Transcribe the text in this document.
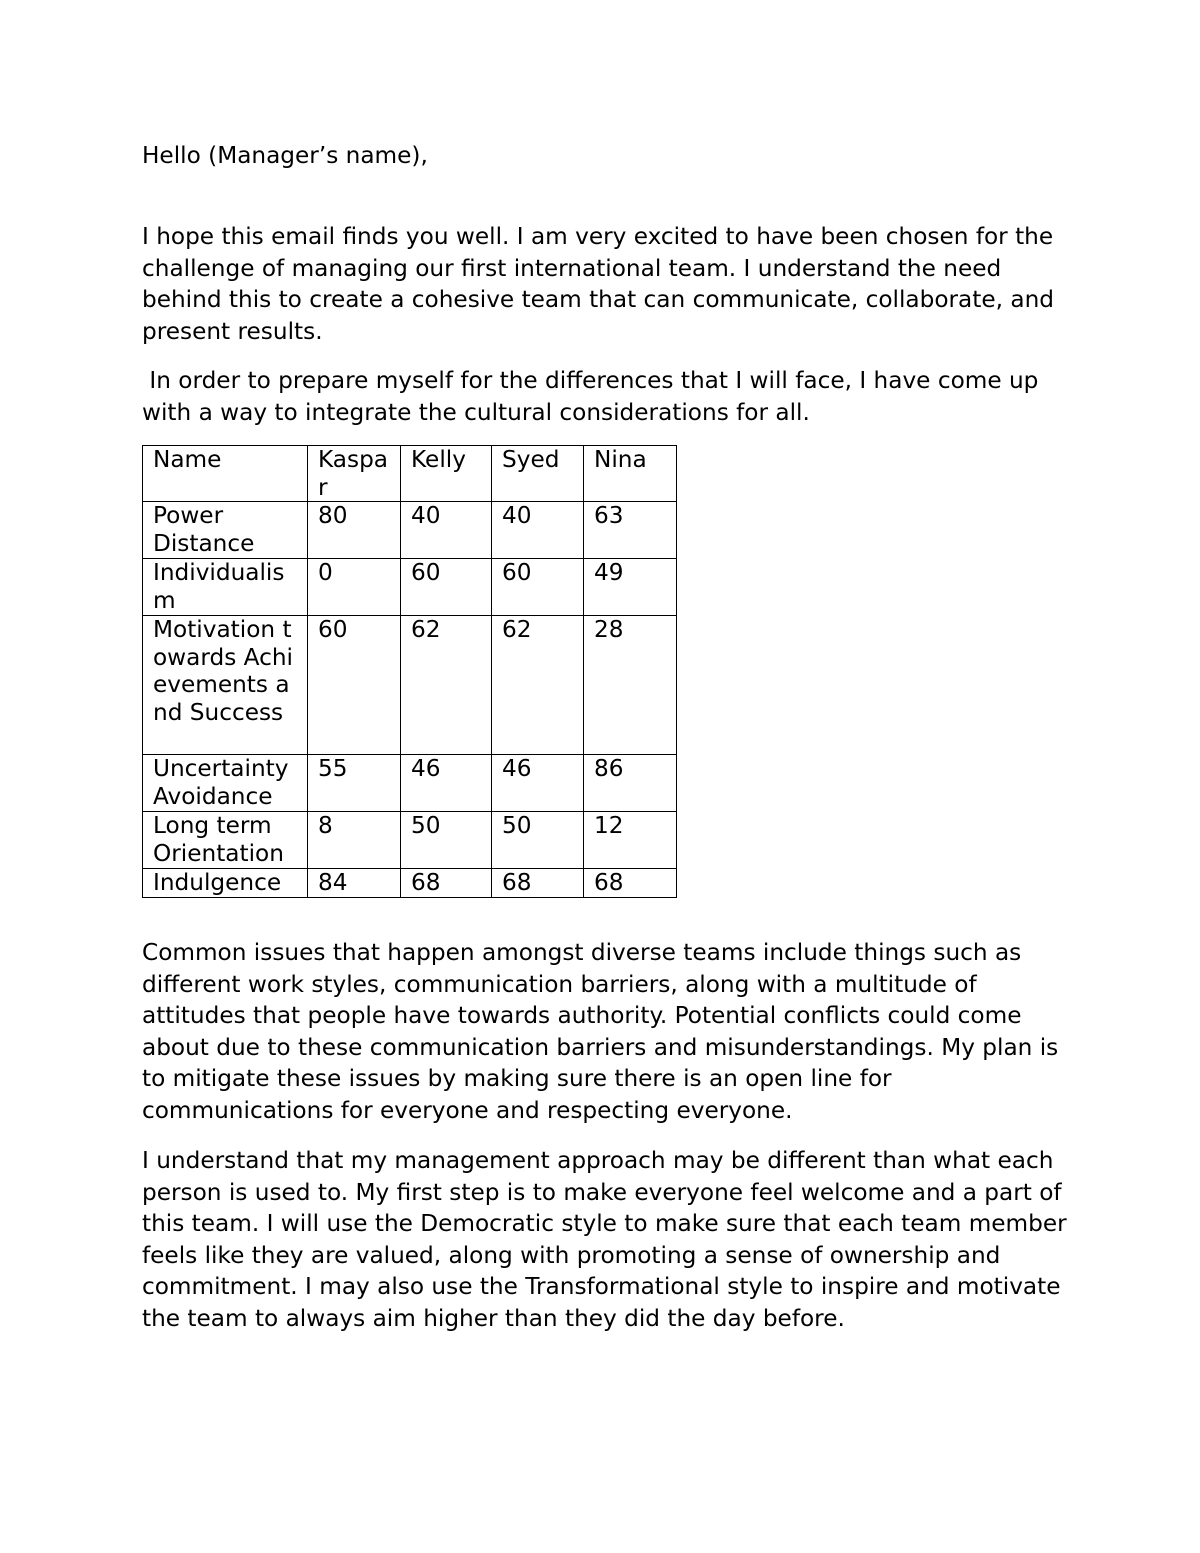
Hello (Manager’s name),

I hope this email finds you well. I am very excited to have been chosen for the challenge of managing our first international team. I understand the need behind this to create a cohesive team that can communicate, collaborate, and present results.

In order to prepare myself for the differences that I will face, I have come up with a way to integrate the cultural considerations for all.

Name	Kaspar	Kelly	Syed	Nina
Power Distance	80	40	40	63
Individualism	0	60	60	49
Motivation towards Achievements and Success	60	62	62	28
Uncertainty Avoidance	55	46	46	86
Long term Orientation	8	50	50	12
Indulgence	84	68	68	68

Common issues that happen amongst diverse teams include things such as different work styles, communication barriers, along with a multitude of attitudes that people have towards authority. Potential conflicts could come about due to these communication barriers and misunderstandings. My plan is to mitigate these issues by making sure there is an open line for communications for everyone and respecting everyone.

I understand that my management approach may be different than what each person is used to. My first step is to make everyone feel welcome and a part of this team. I will use the Democratic style to make sure that each team member feels like they are valued, along with promoting a sense of ownership and commitment. I may also use the Transformational style to inspire and motivate the team to always aim higher than they did the day before.
